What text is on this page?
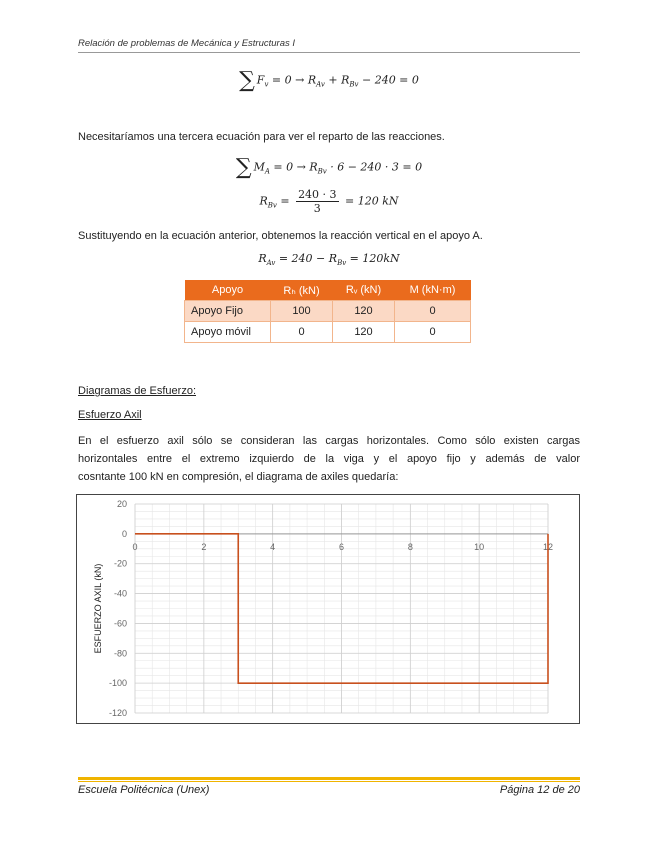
Relación de problemas de Mecánica y Estructuras I
∑ $F_v = 0 \to R_{Av} + R_{Bv} - 240 = 0$
Necesitaríamos una tercera ecuación para ver el reparto de las reacciones.
∑ $M_A = 0 \to R_{Bv} \cdot 6 - 240 \cdot 3 = 0$
$R_{Bv} = \frac{240 \cdot 3}{3} = 120$ kN
Sustituyendo en la ecuación anterior, obtenemos la reacción vertical en el apoyo A.
$R_{Av} = 240 - R_{Bv} = 120kN$
Apoyo	Rₕ (kN)	Rᵥ (kN)	M (kN·m)
Apoyo Fijo	100	120	0
Apoyo móvil	0	120	0
Diagramas de Esfuerzo:
Esfuerzo Axil
En el esfuerzo axil sólo se consideran las cargas horizontales. Como sólo existen cargas
horizontales entre el extremo izquierdo de la viga y el apoyo fijo y además de valor
cosntante 100 kN en compresión, el diagrama de axiles quedaría:
20
0
-20
-40
-60
-80
-100
-120
0	2	4	6	8	10	12
ESFUERZO AXIL (kN)
Escuela Politécnica (Unex)	Página 12 de 20
